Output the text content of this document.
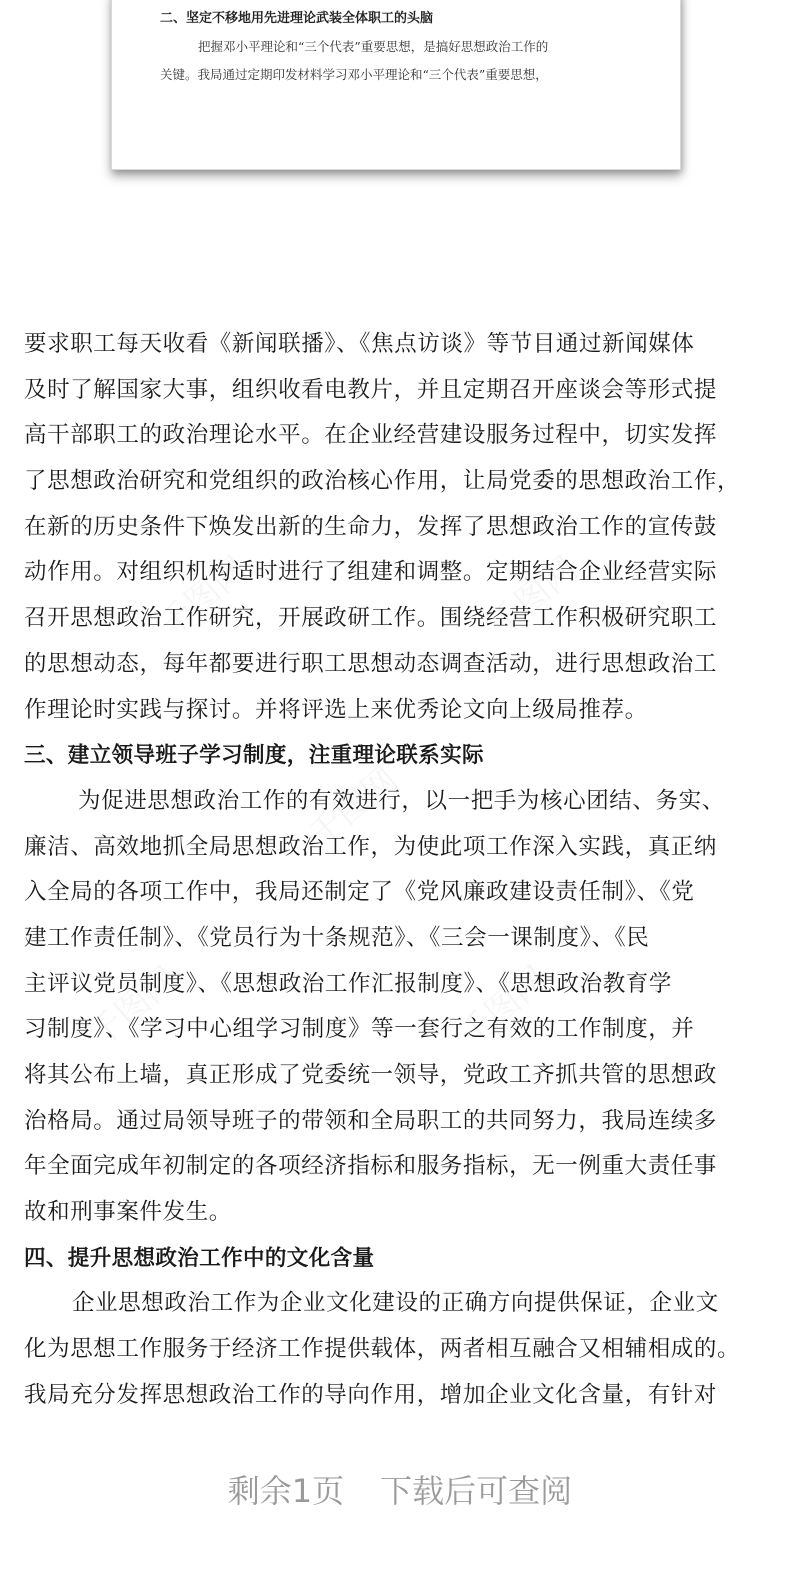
二、坚定不移地用先进理论武装全体职工的头脑
把握邓小平理论和“三个代表”重要思想，是搞好思想政治工作的
关键。我局通过定期印发材料学习邓小平理论和“三个代表”重要思想，
千图网	千图网
千图网
千图网	千图网
要求职工每天收看《新闻联播》、《焦点访谈》等节目通过新闻媒体
及时了解国家大事，组织收看电教片，并且定期召开座谈会等形式提
高干部职工的政治理论水平。在企业经营建设服务过程中，切实发挥
了思想政治研究和党组织的政治核心作用，让局党委的思想政治工作，
在新的历史条件下焕发出新的生命力，发挥了思想政治工作的宣传鼓
动作用。对组织机构适时进行了组建和调整。定期结合企业经营实际
召开思想政治工作研究，开展政研工作。围绕经营工作积极研究职工
的思想动态，每年都要进行职工思想动态调查活动，进行思想政治工
作理论时实践与探讨。并将评选上来优秀论文向上级局推荐。
三、建立领导班子学习制度，注重理论联系实际
为促进思想政治工作的有效进行，以一把手为核心团结、务实、
廉洁、高效地抓全局思想政治工作，为使此项工作深入实践，真正纳
入全局的各项工作中，我局还制定了《党风廉政建设责任制》、《党
建工作责任制》、《党员行为十条规范》、《三会一课制度》、《民
主评议党员制度》、《思想政治工作汇报制度》、《思想政治教育学
习制度》、《学习中心组学习制度》等一套行之有效的工作制度，并
将其公布上墙，真正形成了党委统一领导，党政工齐抓共管的思想政
治格局。通过局领导班子的带领和全局职工的共同努力，我局连续多
年全面完成年初制定的各项经济指标和服务指标，无一例重大责任事
故和刑事案件发生。
四、提升思想政治工作中的文化含量
企业思想政治工作为企业文化建设的正确方向提供保证，企业文
化为思想工作服务于经济工作提供载体，两者相互融合又相辅相成的。
我局充分发挥思想政治工作的导向作用，增加企业文化含量，有针对
剩余1页 下载后可查阅
